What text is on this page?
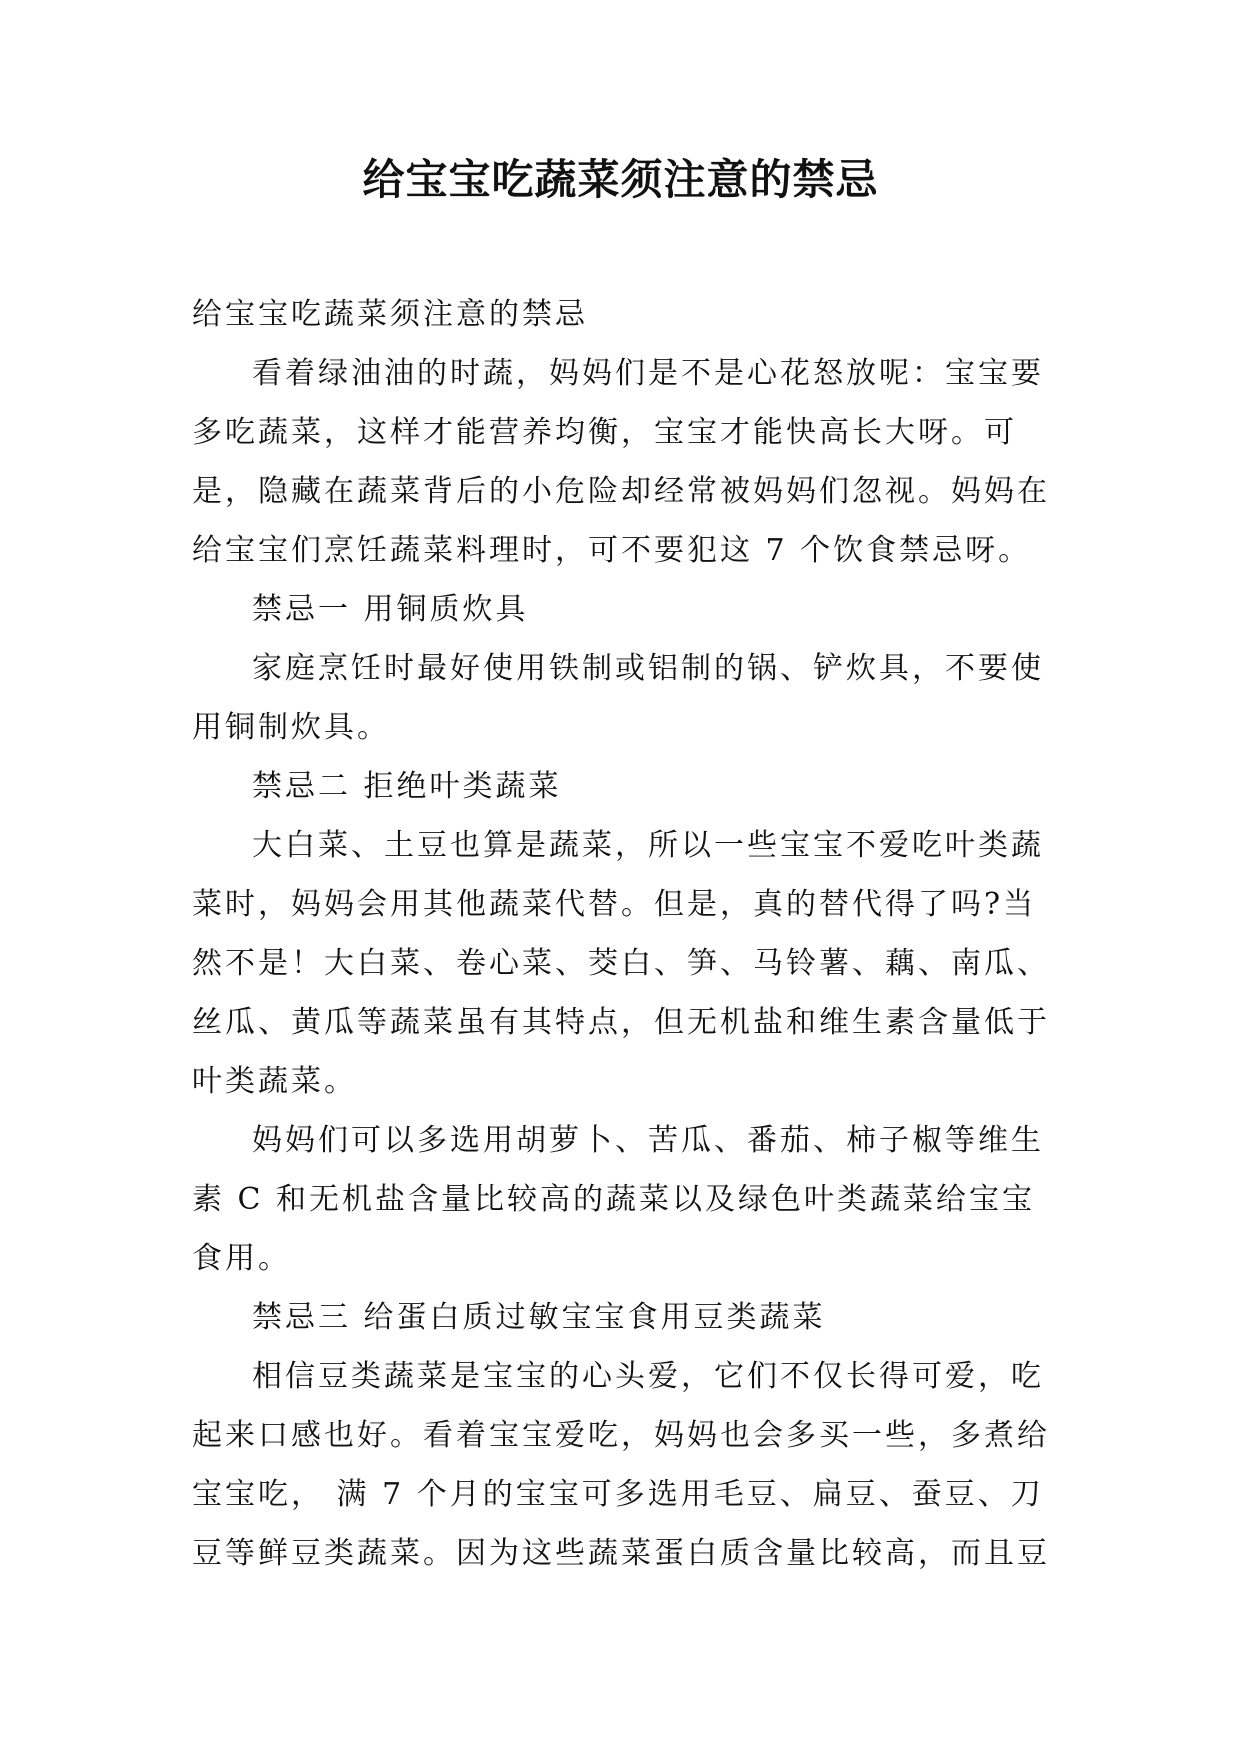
给宝宝吃蔬菜须注意的禁忌

给宝宝吃蔬菜须注意的禁忌

看着绿油油的时蔬，妈妈们是不是心花怒放呢：宝宝要多吃蔬菜，这样才能营养均衡，宝宝才能快高长大呀。可是，隐藏在蔬菜背后的小危险却经常被妈妈们忽视。妈妈在给宝宝们烹饪蔬菜料理时，可不要犯这 7 个饮食禁忌呀。

禁忌一 用铜质炊具

家庭烹饪时最好使用铁制或铝制的锅、铲炊具，不要使用铜制炊具。

禁忌二 拒绝叶类蔬菜

大白菜、土豆也算是蔬菜，所以一些宝宝不爱吃叶类蔬菜时，妈妈会用其他蔬菜代替。但是，真的替代得了吗?当然不是！大白菜、卷心菜、茭白、笋、马铃薯、藕、南瓜、丝瓜、黄瓜等蔬菜虽有其特点，但无机盐和维生素含量低于叶类蔬菜。

妈妈们可以多选用胡萝卜、苦瓜、番茄、柿子椒等维生素 C 和无机盐含量比较高的蔬菜以及绿色叶类蔬菜给宝宝食用。

禁忌三 给蛋白质过敏宝宝食用豆类蔬菜

相信豆类蔬菜是宝宝的心头爱，它们不仅长得可爱，吃起来口感也好。看着宝宝爱吃，妈妈也会多买一些，多煮给宝宝吃， 满 7 个月的宝宝可多选用毛豆、扁豆、蚕豆、刀豆等鲜豆类蔬菜。因为这些蔬菜蛋白质含量比较高，而且豆
